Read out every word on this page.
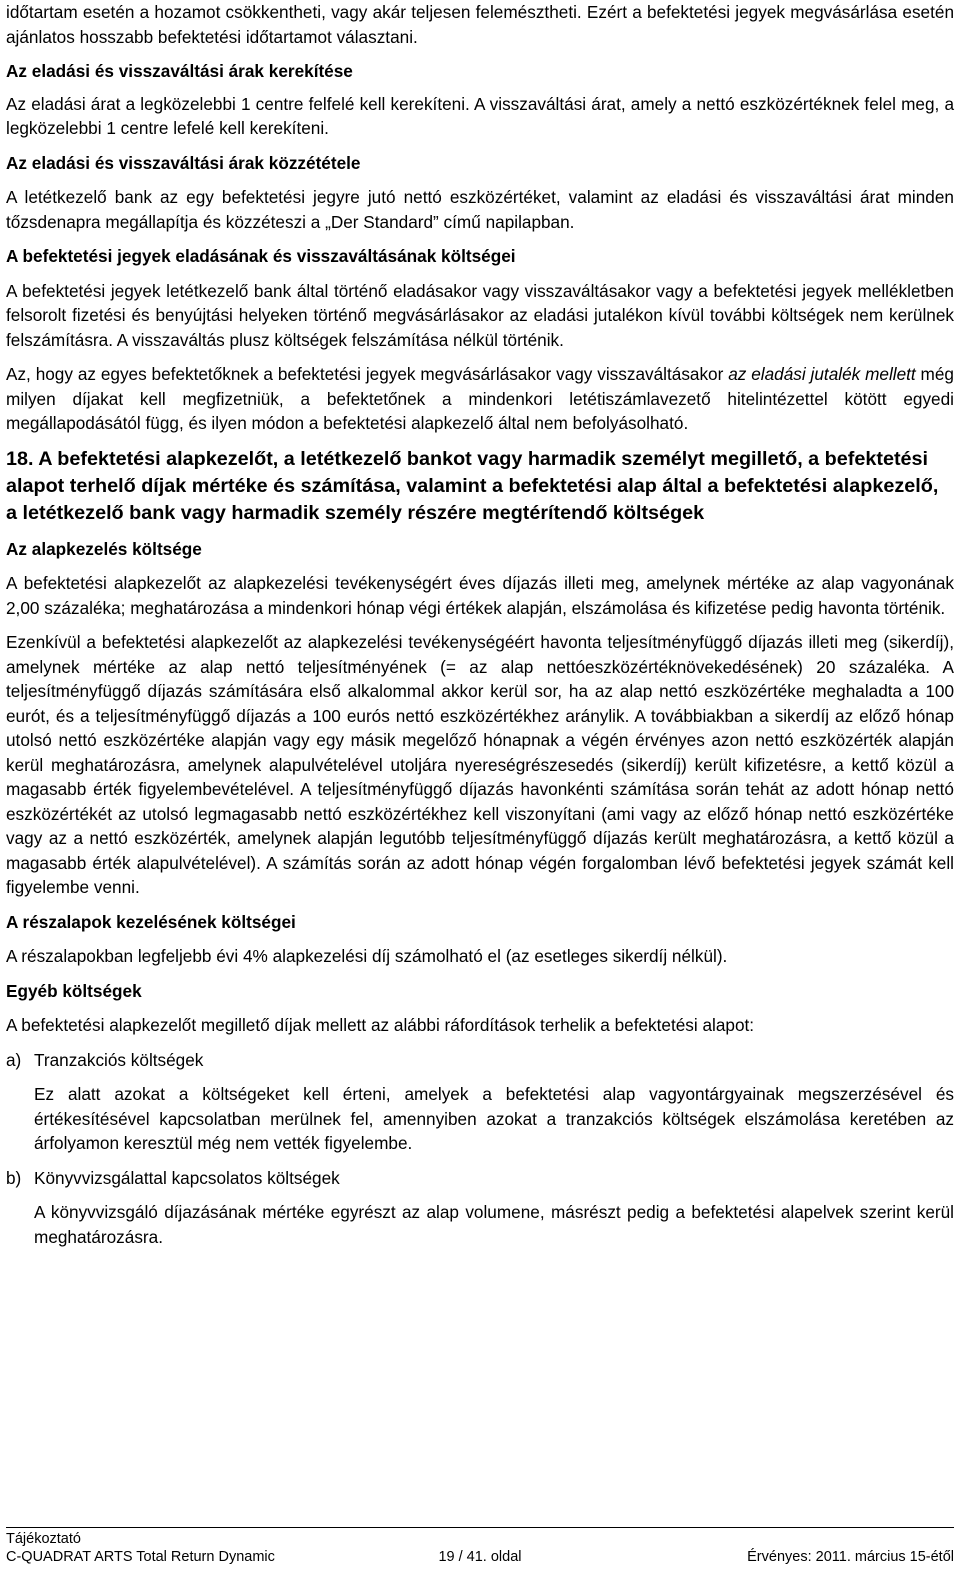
időtartam esetén a hozamot csökkentheti, vagy akár teljesen felemésztheti. Ezért a befektetési jegyek megvásárlása esetén ajánlatos hosszabb befektetési időtartamot választani.

Az eladási és visszaváltási árak kerekítése

Az eladási árat a legközelebbi 1 centre felfelé kell kerekíteni. A visszaváltási árat, amely a nettó eszközértéknek felel meg, a legközelebbi 1 centre lefelé kell kerekíteni.

Az eladási és visszaváltási árak közzététele

A letétkezelő bank az egy befektetési jegyre jutó nettó eszközértéket, valamint az eladási és visszaváltási árat minden tőzsdenapra megállapítja és közzéteszi a „Der Standard” című napilapban.

A befektetési jegyek eladásának és visszaváltásának költségei

A befektetési jegyek letétkezelő bank által történő eladásakor vagy visszaváltásakor vagy a befektetési jegyek mellékletben felsorolt fizetési és benyújtási helyeken történő megvásárlásakor az eladási jutalékon kívül további költségek nem kerülnek felszámításra. A visszaváltás plusz költségek felszámítása nélkül történik.

Az, hogy az egyes befektetőknek a befektetési jegyek megvásárlásakor vagy visszaváltásakor az eladási jutalék mellett még milyen díjakat kell megfizetniük, a befektetőnek a mindenkori letétiszámlavezető hitelintézettel kötött egyedi megállapodásától függ, és ilyen módon a befektetési alapkezelő által nem befolyásolható.

18. A befektetési alapkezelőt, a letétkezelő bankot vagy harmadik személyt megillető, a befektetési alapot terhelő díjak mértéke és számítása, valamint a befektetési alap által a befektetési alapkezelő, a letétkezelő bank vagy harmadik személy részére megtérítendő költségek
Az alapkezelés költsége

A befektetési alapkezelőt az alapkezelési tevékenységért éves díjazás illeti meg, amelynek mértéke az alap vagyonának 2,00 százaléka; meghatározása a mindenkori hónap végi értékek alapján, elszámolása és kifizetése pedig havonta történik.

Ezenkívül a befektetési alapkezelőt az alapkezelési tevékenységéért havonta teljesítményfüggő díjazás illeti meg (sikerdíj), amelynek mértéke az alap nettó teljesítményének (= az alap nettóeszközértéknövekedésének) 20 százaléka. A teljesítményfüggő díjazás számítására első alkalommal akkor kerül sor, ha az alap nettó eszközértéke meghaladta a 100 eurót, és a teljesítményfüggő díjazás a 100 eurós nettó eszközértékhez aránylik. A továbbiakban a sikerdíj az előző hónap utolsó nettó eszközértéke alapján vagy egy másik megelőző hónapnak a végén érvényes azon nettó eszközérték alapján kerül meghatározásra, amelynek alapulvételével utoljára nyereségrészesedés (sikerdíj) került kifizetésre, a kettő közül a magasabb érték figyelembevételével. A teljesítményfüggő díjazás havonkénti számítása során tehát az adott hónap nettó eszközértékét az utolsó legmagasabb nettó eszközértékhez kell viszonyítani (ami vagy az előző hónap nettó eszközértéke vagy az a nettó eszközérték, amelynek alapján legutóbb teljesítményfüggő díjazás került meghatározásra, a kettő közül a magasabb érték alapulvételével). A számítás során az adott hónap végén forgalomban lévő befektetési jegyek számát kell figyelembe venni.

A részalapok kezelésének költségei

A részalapokban legfeljebb évi 4% alapkezelési díj számolható el (az esetleges sikerdíj nélkül).

Egyéb költségek

A befektetési alapkezelőt megillető díjak mellett az alábbi ráfordítások terhelik a befektetési alapot:

a) Tranzakciós költségek

Ez alatt azokat a költségeket kell érteni, amelyek a befektetési alap vagyontárgyainak megszerzésével és értékesítésével kapcsolatban merülnek fel, amennyiben azokat a tranzakciós költségek elszámolása keretében az árfolyamon keresztül még nem vették figyelembe.

b) Könyvvizsgálattal kapcsolatos költségek

A könyvvizsgáló díjazásának mértéke egyrészt az alap volumene, másrészt pedig a befektetési alapelvek szerint kerül meghatározásra.

Tájékoztató
C-QUADRAT ARTS Total Return Dynamic	19 / 41. oldal	Érvényes: 2011. március 15-étől
